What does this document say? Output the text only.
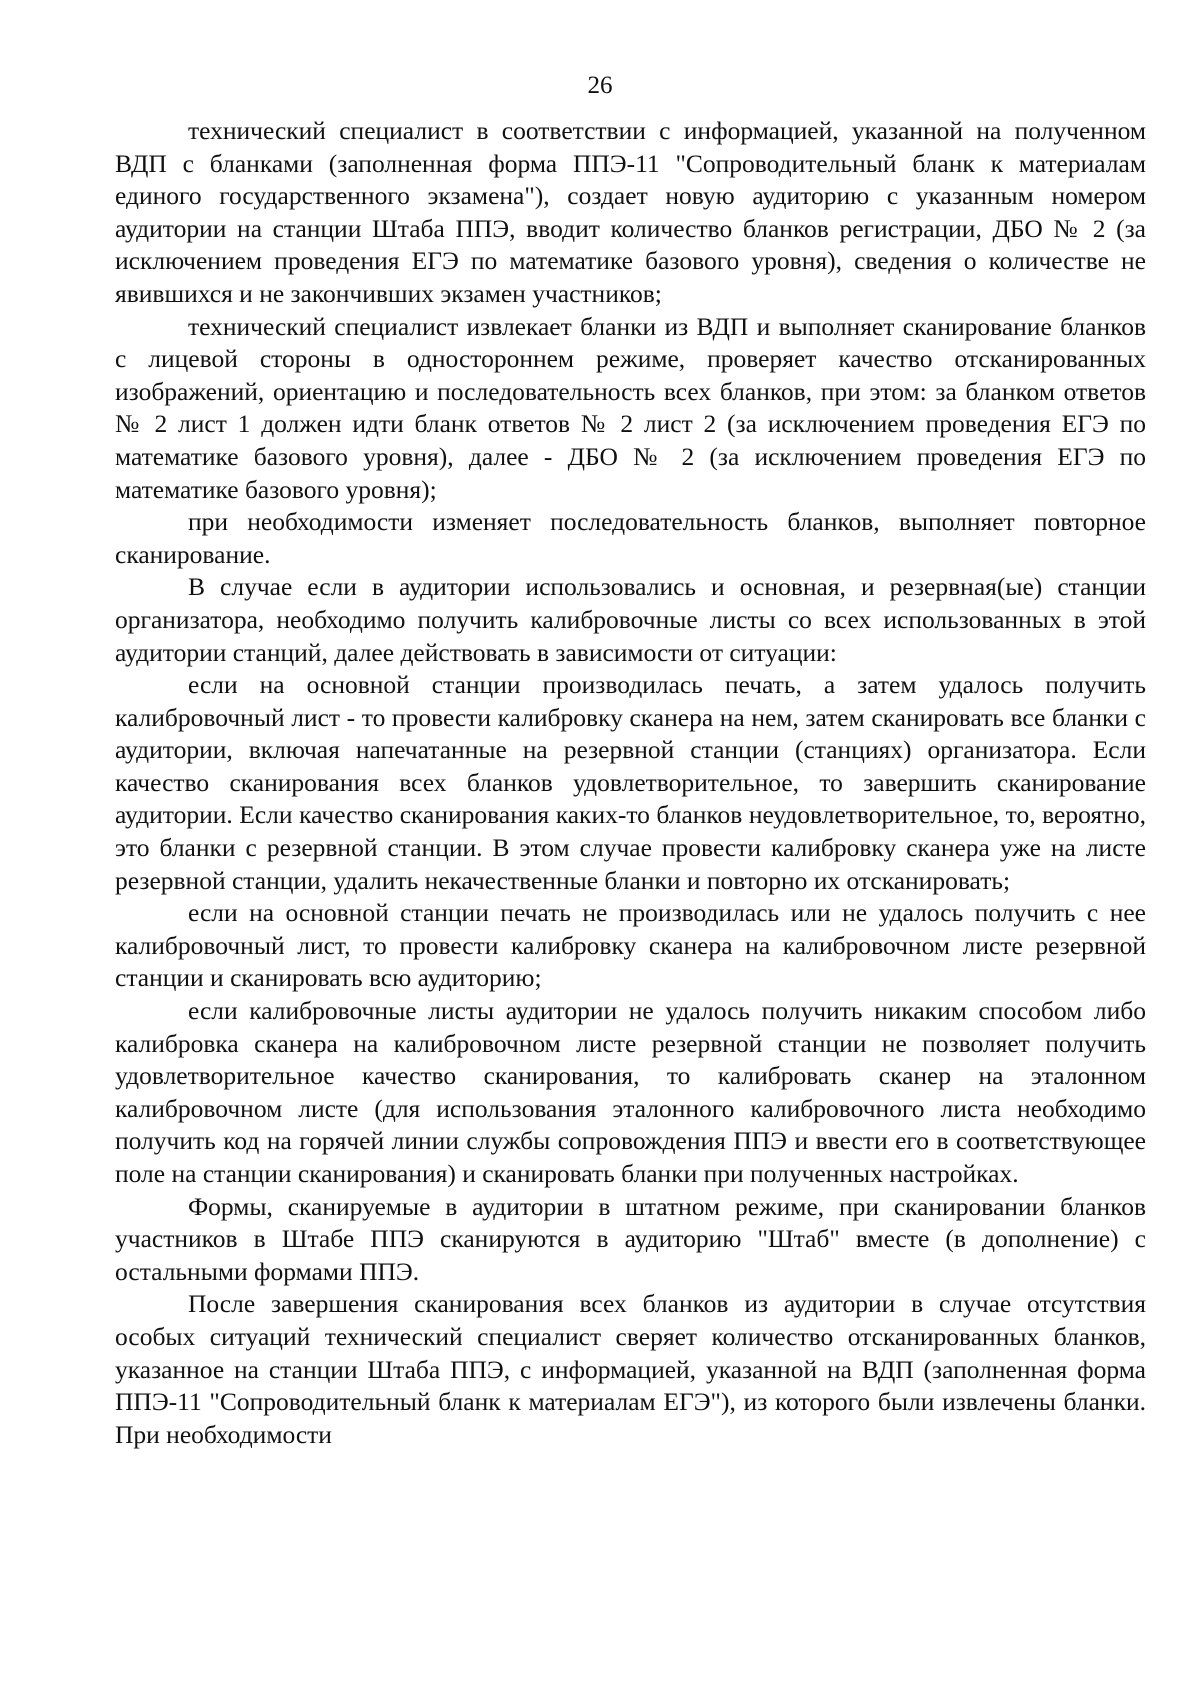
26

технический специалист в соответствии с информацией, указанной на полученном ВДП с бланками (заполненная форма ППЭ-11 "Сопроводительный бланк к материалам единого государственного экзамена"), создает новую аудиторию с указанным номером аудитории на станции Штаба ППЭ, вводит количество бланков регистрации, ДБО № 2 (за исключением проведения ЕГЭ по математике базового уровня), сведения о количестве не явившихся и не закончивших экзамен участников;

технический специалист извлекает бланки из ВДП и выполняет сканирование бланков с лицевой стороны в одностороннем режиме, проверяет качество отсканированных изображений, ориентацию и последовательность всех бланков, при этом: за бланком ответов № 2 лист 1 должен идти бланк ответов № 2 лист 2 (за исключением проведения ЕГЭ по математике базового уровня), далее - ДБО № 2 (за исключением проведения ЕГЭ по математике базового уровня);

при необходимости изменяет последовательность бланков, выполняет повторное сканирование.

В случае если в аудитории использовались и основная, и резервная(ые) станции организатора, необходимо получить калибровочные листы со всех использованных в этой аудитории станций, далее действовать в зависимости от ситуации:

если на основной станции производилась печать, а затем удалось получить калибровочный лист - то провести калибровку сканера на нем, затем сканировать все бланки с аудитории, включая напечатанные на резервной станции (станциях) организатора. Если качество сканирования всех бланков удовлетворительное, то завершить сканирование аудитории. Если качество сканирования каких-то бланков неудовлетворительное, то, вероятно, это бланки с резервной станции. В этом случае провести калибровку сканера уже на листе резервной станции, удалить некачественные бланки и повторно их отсканировать;

если на основной станции печать не производилась или не удалось получить с нее калибровочный лист, то провести калибровку сканера на калибровочном листе резервной станции и сканировать всю аудиторию;

если калибровочные листы аудитории не удалось получить никаким способом либо калибровка сканера на калибровочном листе резервной станции не позволяет получить удовлетворительное качество сканирования, то калибровать сканер на эталонном калибровочном листе (для использования эталонного калибровочного листа необходимо получить код на горячей линии службы сопровождения ППЭ и ввести его в соответствующее поле на станции сканирования) и сканировать бланки при полученных настройках.

Формы, сканируемые в аудитории в штатном режиме, при сканировании бланков участников в Штабе ППЭ сканируются в аудиторию "Штаб" вместе (в дополнение) с остальными формами ППЭ.

После завершения сканирования всех бланков из аудитории в случае отсутствия особых ситуаций технический специалист сверяет количество отсканированных бланков, указанное на станции Штаба ППЭ, с информацией, указанной на ВДП (заполненная форма ППЭ-11 "Сопроводительный бланк к материалам ЕГЭ"), из которого были извлечены бланки. При необходимости
